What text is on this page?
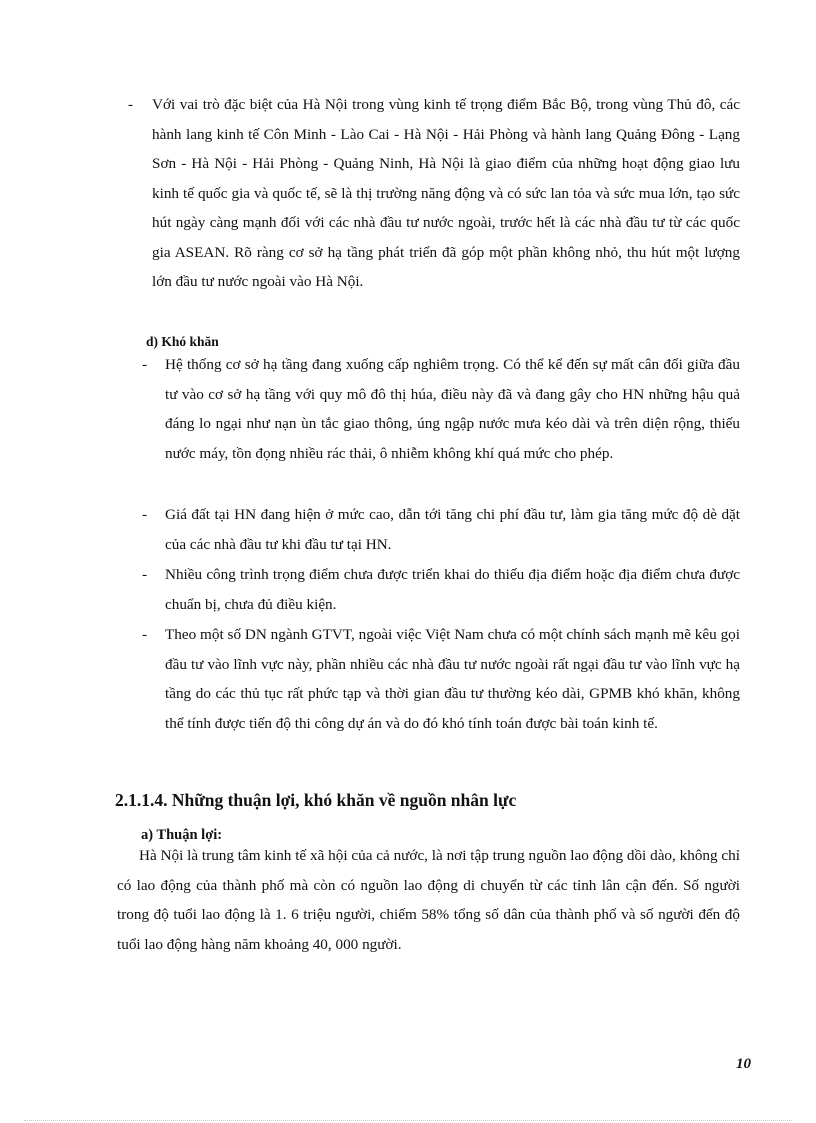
- Với vai trò đặc biệt của Hà Nội trong vùng kinh tế trọng điểm Bắc Bộ, trong vùng Thủ đô, các hành lang kinh tế Côn Minh - Lào Cai - Hà Nội - Hải Phòng và hành lang Quảng Đông - Lạng Sơn - Hà Nội - Hải Phòng - Quảng Ninh, Hà Nội là giao điểm của những hoạt động giao lưu kinh tế quốc gia và quốc tế, sẽ là thị trường năng động và có sức lan tỏa và sức mua lớn, tạo sức hút ngày càng mạnh đối với các nhà đầu tư nước ngoài, trước hết là các nhà đầu tư từ các quốc gia ASEAN. Rõ ràng cơ sở hạ tầng phát triển đã góp một phần không nhỏ, thu hút một lượng lớn đầu tư nước ngoài vào Hà Nội.
d) Khó khăn
- Hệ thống cơ sở hạ tầng đang xuống cấp nghiêm trọng. Có thể kể đến sự mất cân đối giữa đầu tư vào cơ sở hạ tầng với quy mô đô thị húa, điều này đã và đang gây cho HN những hậu quả đáng lo ngại như nạn ùn tắc giao thông, úng ngập nước mưa kéo dài và trên diện rộng, thiếu nước máy, tồn đọng nhiều rác thải, ô nhiễm không khí quá mức cho phép.
- Giá đất tại HN đang hiện ở mức cao, dẫn tới tăng chi phí đầu tư, làm gia tăng mức độ dè dặt của các nhà đầu tư khi đầu tư tại HN.
- Nhiều công trình trọng điểm chưa được triển khai do thiếu địa điểm hoặc địa điểm chưa được chuẩn bị, chưa đủ điều kiện.
- Theo một số DN ngành GTVT, ngoài việc Việt Nam chưa có một chính sách mạnh mẽ kêu gọi đầu tư vào lĩnh vực này, phần nhiều các nhà đầu tư nước ngoài rất ngại đầu tư vào lĩnh vực hạ tầng do các thủ tục rất phức tạp và thời gian đầu tư thường kéo dài, GPMB khó khăn, không thể tính được tiến độ thi công dự án và do đó khó tính toán được bài toán kinh tế.
2.1.1.4. Những thuận lợi, khó khăn về nguồn nhân lực
a) Thuận lợi:
Hà Nội là trung tâm kinh tế xã hội của cả nước, là nơi tập trung nguồn lao động dồi dào, không chỉ có lao động của thành phố mà còn có nguồn lao động di chuyển từ các tỉnh lân cận đến. Số người trong độ tuổi lao động là 1. 6 triệu người, chiếm 58% tổng số dân của thành phố và số người đến độ tuổi lao động hàng năm khoảng 40, 000 người.
10
